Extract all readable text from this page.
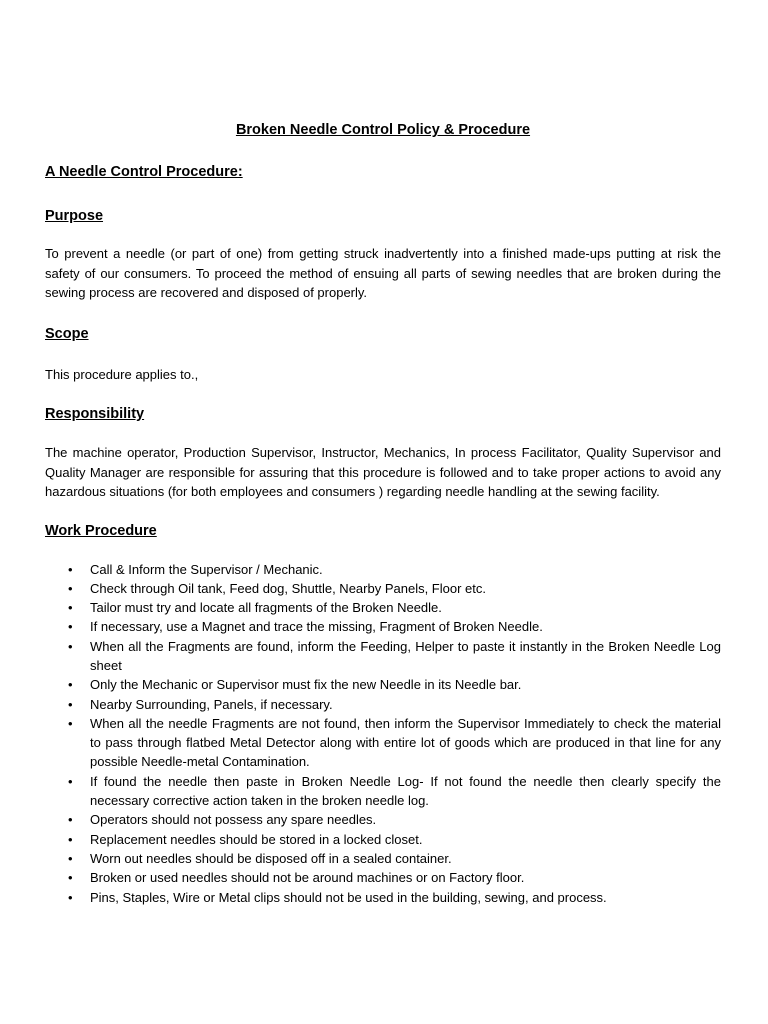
Broken Needle Control Policy & Procedure
A Needle Control Procedure:
Purpose

To prevent a needle (or part of one) from getting struck inadvertently into a finished made-ups putting at risk the safety of our consumers. To proceed the method of ensuing all parts of sewing needles that are broken during the sewing process are recovered and disposed of properly.

Scope

This procedure applies to.,

Responsibility

The machine operator, Production Supervisor, Instructor, Mechanics, In process Facilitator, Quality Supervisor and Quality Manager are responsible for assuring that this procedure is followed and to take proper actions to avoid any hazardous situations (for both employees and consumers ) regarding needle handling at the sewing facility.

Work Procedure
• Call & Inform the Supervisor / Mechanic.
• Check through Oil tank, Feed dog, Shuttle, Nearby Panels, Floor etc.
• Tailor must try and locate all fragments of the Broken Needle.
• If necessary, use a Magnet and trace the missing, Fragment of Broken Needle.
• When all the Fragments are found, inform the Feeding, Helper to paste it instantly in the Broken Needle Log sheet
• Only the Mechanic or Supervisor must fix the new Needle in its Needle bar.
• Nearby Surrounding, Panels, if necessary.
• When all the needle Fragments are not found, then inform the Supervisor Immediately to check the material to pass through flatbed Metal Detector along with entire lot of goods which are produced in that line for any possible Needle-metal Contamination.
• If found the needle then paste in Broken Needle Log- If not found the needle then clearly specify the necessary corrective action taken in the broken needle log.
• Operators should not possess any spare needles.
• Replacement needles should be stored in a locked closet.
• Worn out needles should be disposed off in a sealed container.
• Broken or used needles should not be around machines or on Factory floor.
• Pins, Staples, Wire or Metal clips should not be used in the building, sewing, and process.
